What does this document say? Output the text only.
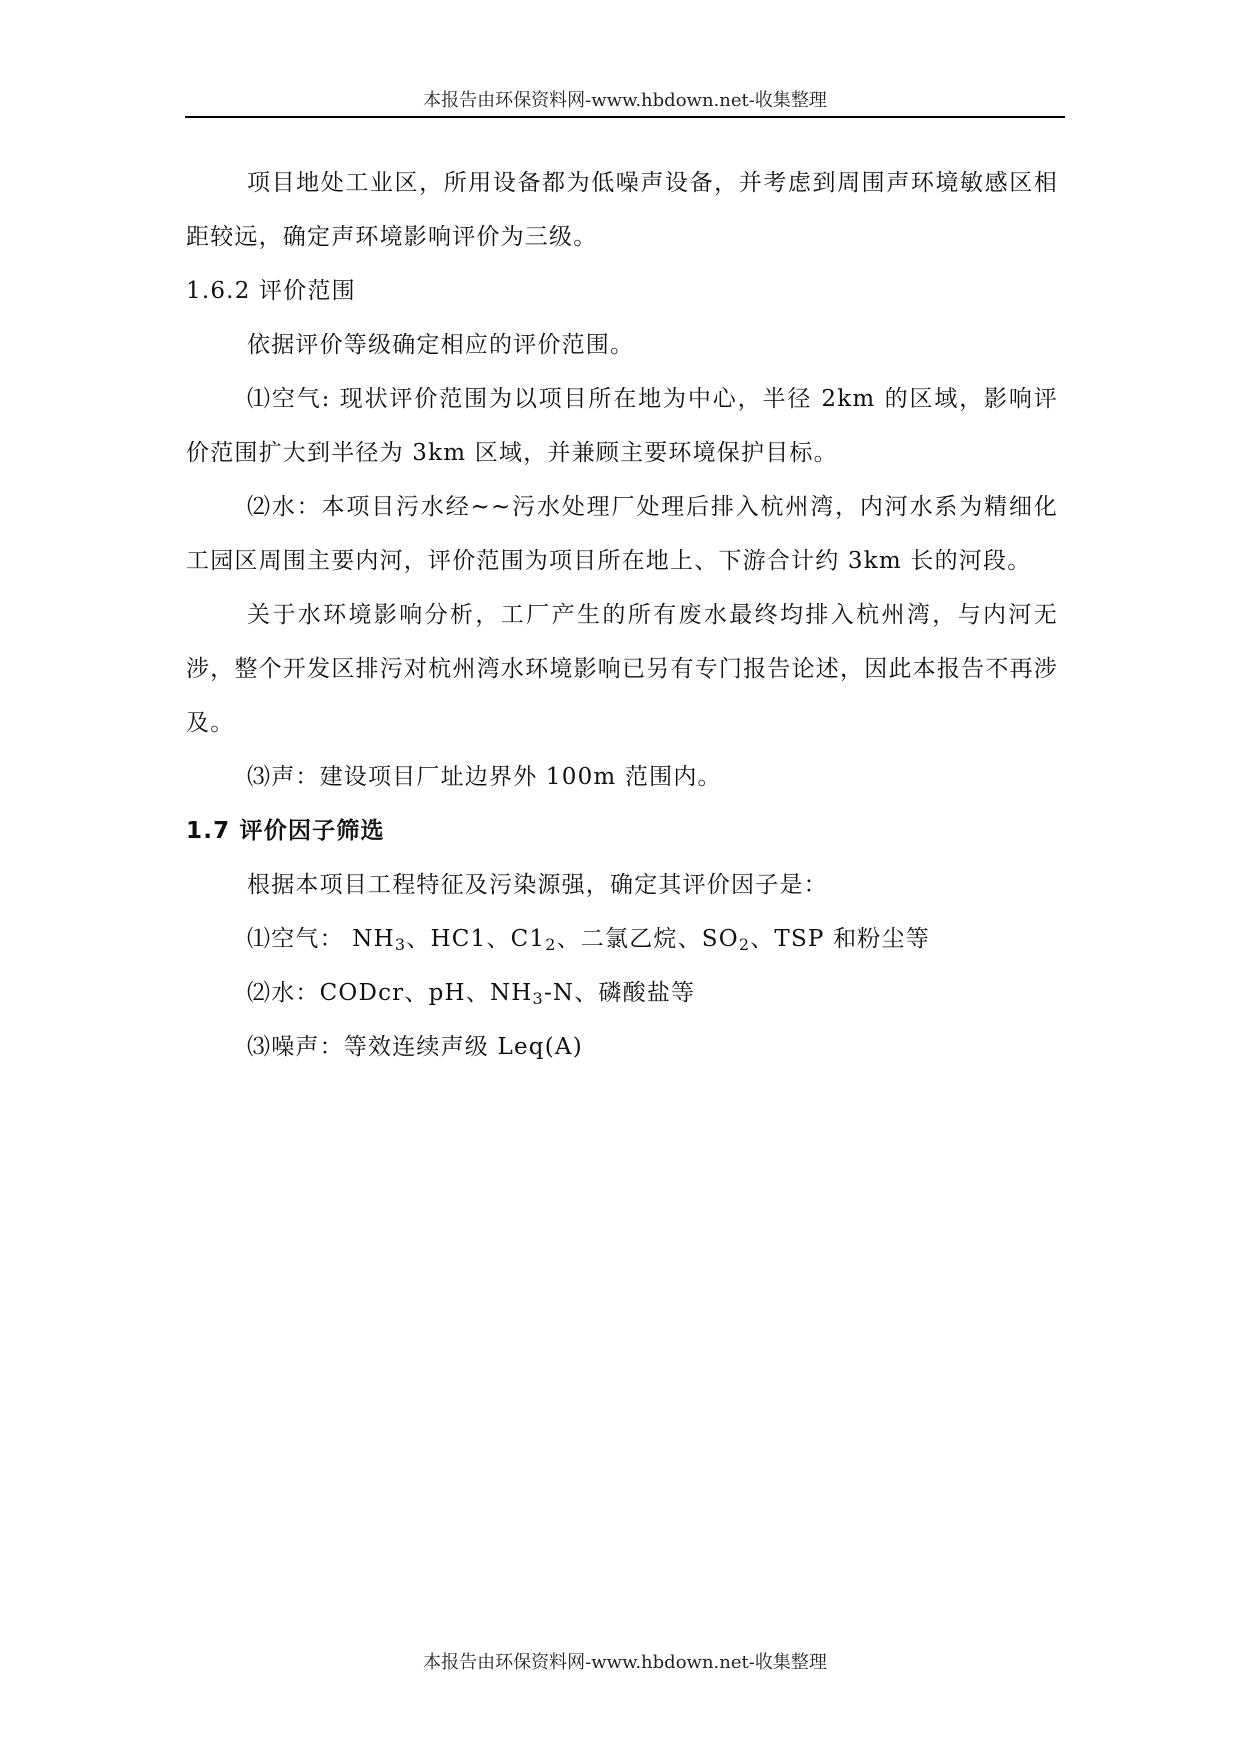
本报告由环保资料网-www.hbdown.net-收集整理

项目地处工业区，所用设备都为低噪声设备，并考虑到周围声环境敏感区相距较远，确定声环境影响评价为三级。

1.6.2 评价范围

依据评价等级确定相应的评价范围。

⑴空气: 现状评价范围为以项目所在地为中心，半径 2km 的区域，影响评价范围扩大到半径为 3km 区域，并兼顾主要环境保护目标。

⑵水：本项目污水经~~污水处理厂处理后排入杭州湾，内河水系为精细化工园区周围主要内河，评价范围为项目所在地上、下游合计约 3km 长的河段。

关于水环境影响分析，工厂产生的所有废水最终均排入杭州湾，与内河无涉，整个开发区排污对杭州湾水环境影响已另有专门报告论述，因此本报告不再涉及。

⑶声：建设项目厂址边界外 100m 范围内。

1.7 评价因子筛选

根据本项目工程特征及污染源强，确定其评价因子是：

⑴空气： $NH_3$、HC1、$C1_2$、二氯乙烷、$SO_2$、TSP 和粉尘等

⑵水：CODcr、pH、$NH_3-N$、磷酸盐等

⑶噪声：等效连续声级 Leq(A)

本报告由环保资料网-www.hbdown.net-收集整理
